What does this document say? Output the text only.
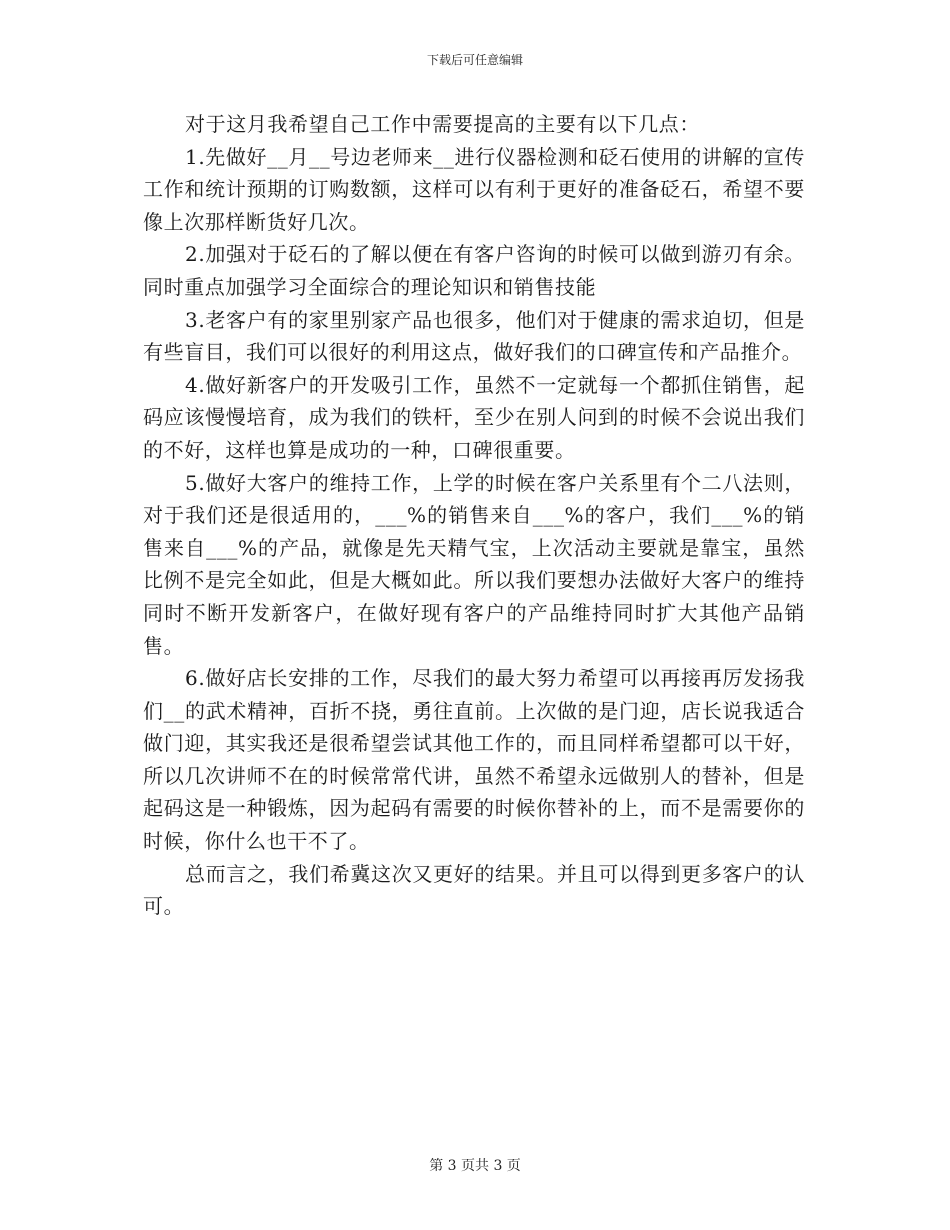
下载后可任意编辑

对于这月我希望自己工作中需要提高的主要有以下几点：

1.先做好__月__号边老师来__进行仪器检测和砭石使用的讲解的宣传工作和统计预期的订购数额，这样可以有利于更好的准备砭石，希望不要像上次那样断货好几次。

2.加强对于砭石的了解以便在有客户咨询的时候可以做到游刃有余。同时重点加强学习全面综合的理论知识和销售技能

3.老客户有的家里别家产品也很多，他们对于健康的需求迫切，但是有些盲目，我们可以很好的利用这点，做好我们的口碑宣传和产品推介。

4.做好新客户的开发吸引工作，虽然不一定就每一个都抓住销售，起码应该慢慢培育，成为我们的铁杆，至少在别人问到的时候不会说出我们的不好，这样也算是成功的一种，口碑很重要。

5.做好大客户的维持工作，上学的时候在客户关系里有个二八法则，对于我们还是很适用的，___%的销售来自___%的客户，我们___%的销售来自___%的产品，就像是先天精气宝，上次活动主要就是靠宝，虽然比例不是完全如此，但是大概如此。所以我们要想办法做好大客户的维持同时不断开发新客户，在做好现有客户的产品维持同时扩大其他产品销售。

6.做好店长安排的工作，尽我们的最大努力希望可以再接再厉发扬我们__的武术精神，百折不挠，勇往直前。上次做的是门迎，店长说我适合做门迎，其实我还是很希望尝试其他工作的，而且同样希望都可以干好，所以几次讲师不在的时候常常代讲，虽然不希望永远做别人的替补，但是起码这是一种锻炼，因为起码有需要的时候你替补的上，而不是需要你的时候，你什么也干不了。

总而言之，我们希冀这次又更好的结果。并且可以得到更多客户的认可。

第 3 页共 3 页
